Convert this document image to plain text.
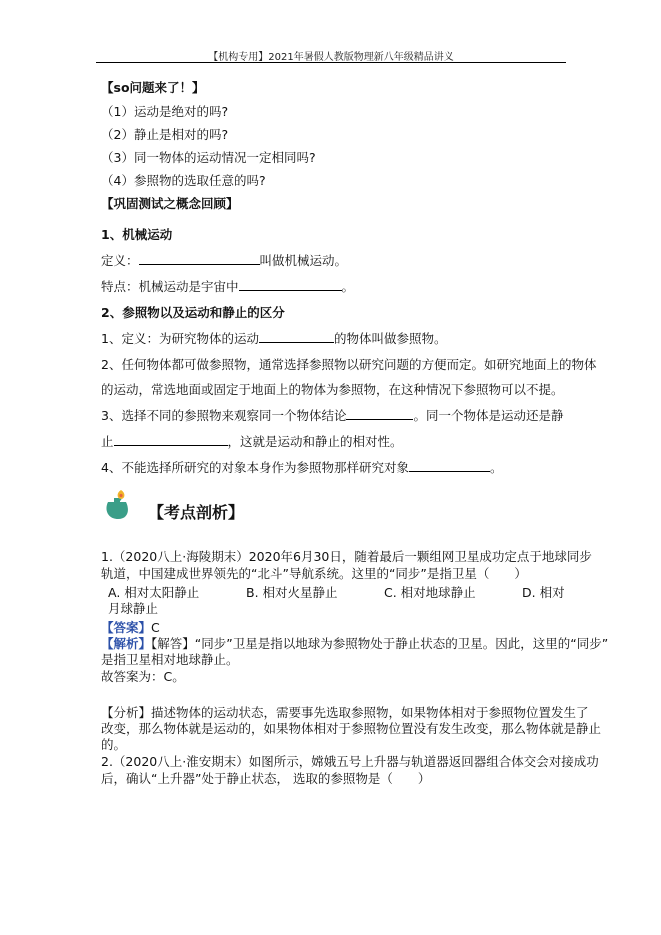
【机构专用】2021年暑假人教版物理新八年级精品讲义
【so问题来了！】
（1）运动是绝对的吗?
（2）静止是相对的吗?
（3）同一物体的运动情况一定相同吗?
（4）参照物的选取任意的吗?
【巩固测试之概念回顾】
1、机械运动
定义：	叫做机械运动。
特点：机械运动是宇宙中	。
2、参照物以及运动和静止的区分
1、定义：为研究物体的运动	的物体叫做参照物。
2、任何物体都可做参照物，通常选择参照物以研究问题的方便而定。如研究地面上的物体
的运动，常选地面或固定于地面上的物体为参照物，在这种情况下参照物可以不提。
3、选择不同的参照物来观察同一个物体结论	。同一个物体是运动还是静
止	，这就是运动和静止的相对性。
4、不能选择所研究的对象本身作为参照物那样研究对象	。
【考点剖析】
1.（2020八上·海陵期末）2020年6月30日，随着最后一颗组网卫星成功定点于地球同步
轨道，中国建成世界领先的“北斗”导航系统。这里的“同步”是指卫星（　　）
A. 相对太阳静止	B. 相对火星静止	C. 相对地球静止	D. 相对
月球静止
【答案】C
【解析】【解答】“同步”卫星是指以地球为参照物处于静止状态的卫星。因此，这里的“同步”
是指卫星相对地球静止。
故答案为：C。
【分析】描述物体的运动状态，需要事先选取参照物，如果物体相对于参照物位置发生了
改变，那么物体就是运动的，如果物体相对于参照物位置没有发生改变，那么物体就是静止
的。
2.（2020八上·淮安期末）如图所示，嫦娥五号上升器与轨道器返回器组合体交会对接成功
后，确认“上升器”处于静止状态， 选取的参照物是（　　）
